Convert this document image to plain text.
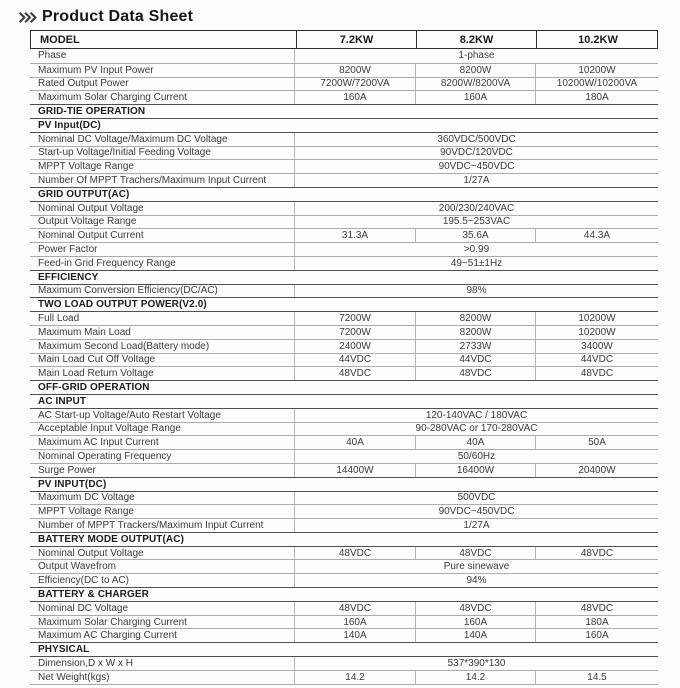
Product Data Sheet
MODEL	7.2KW	8.2KW	10.2KW
Phase	1-phase
Maximum PV Input Power	8200W	8200W	10200W
Rated Output Power	7200W/7200VA	8200W/8200VA	10200W/10200VA
Maximum Solar Charging Current	160A	160A	180A
GRID-TIE OPERATION
PV Input(DC)
Nominal DC Voltage/Maximum DC Voltage	360VDC/500VDC
Start-up Voltage/Initial Feeding Voltage	90VDC/120VDC
MPPT Voltage Range	90VDC~450VDC
Number Of MPPT Trachers/Maximum Input Current	1/27A
GRID OUTPUT(AC)
Nominal Output Voltage	200/230/240VAC
Output Voltage Range	195.5~253VAC
Nominal Output Current	31.3A	35.6A	44.3A
Power Factor	>0.99
Feed-in Grid Frequency Range	49~51±1Hz
EFFICIENCY
Maximum Conversion Efficiency(DC/AC)	98%
TWO LOAD OUTPUT POWER(V2.0)
Full Load	7200W	8200W	10200W
Maximum Main Load	7200W	8200W	10200W
Maximum Second Load(Battery mode)	2400W	2733W	3400W
Main Load Cut Off Voltage	44VDC	44VDC	44VDC
Main Load Return Voltage	48VDC	48VDC	48VDC
OFF-GRID OPERATION
AC INPUT
AC Start-up Voltage/Auto Restart Voltage	120-140VAC / 180VAC
Acceptable Input Voltage Range	90-280VAC or 170-280VAC
Maximum AC Input Current	40A	40A	50A
Nominal Operating Frequency	50/60Hz
Surge Power	14400W	16400W	20400W
PV INPUT(DC)
Maximum DC Voltage	500VDC
MPPT Voltage Range	90VDC~450VDC
Number of MPPT Trackers/Maximum Input Current	1/27A
BATTERY MODE OUTPUT(AC)
Nominal Output Voltage	48VDC	48VDC	48VDC
Output Wavefrom	Pure sinewave
Efficiency(DC to AC)	94%
BATTERY & CHARGER
Nominal DC Voltage	48VDC	48VDC	48VDC
Maximum Solar Charging Current	160A	160A	180A
Maximum AC Charging Current	140A	140A	160A
PHYSICAL
Dimension,D x W x H	537*390*130
Net Weight(kgs)	14.2	14.2	14.5
